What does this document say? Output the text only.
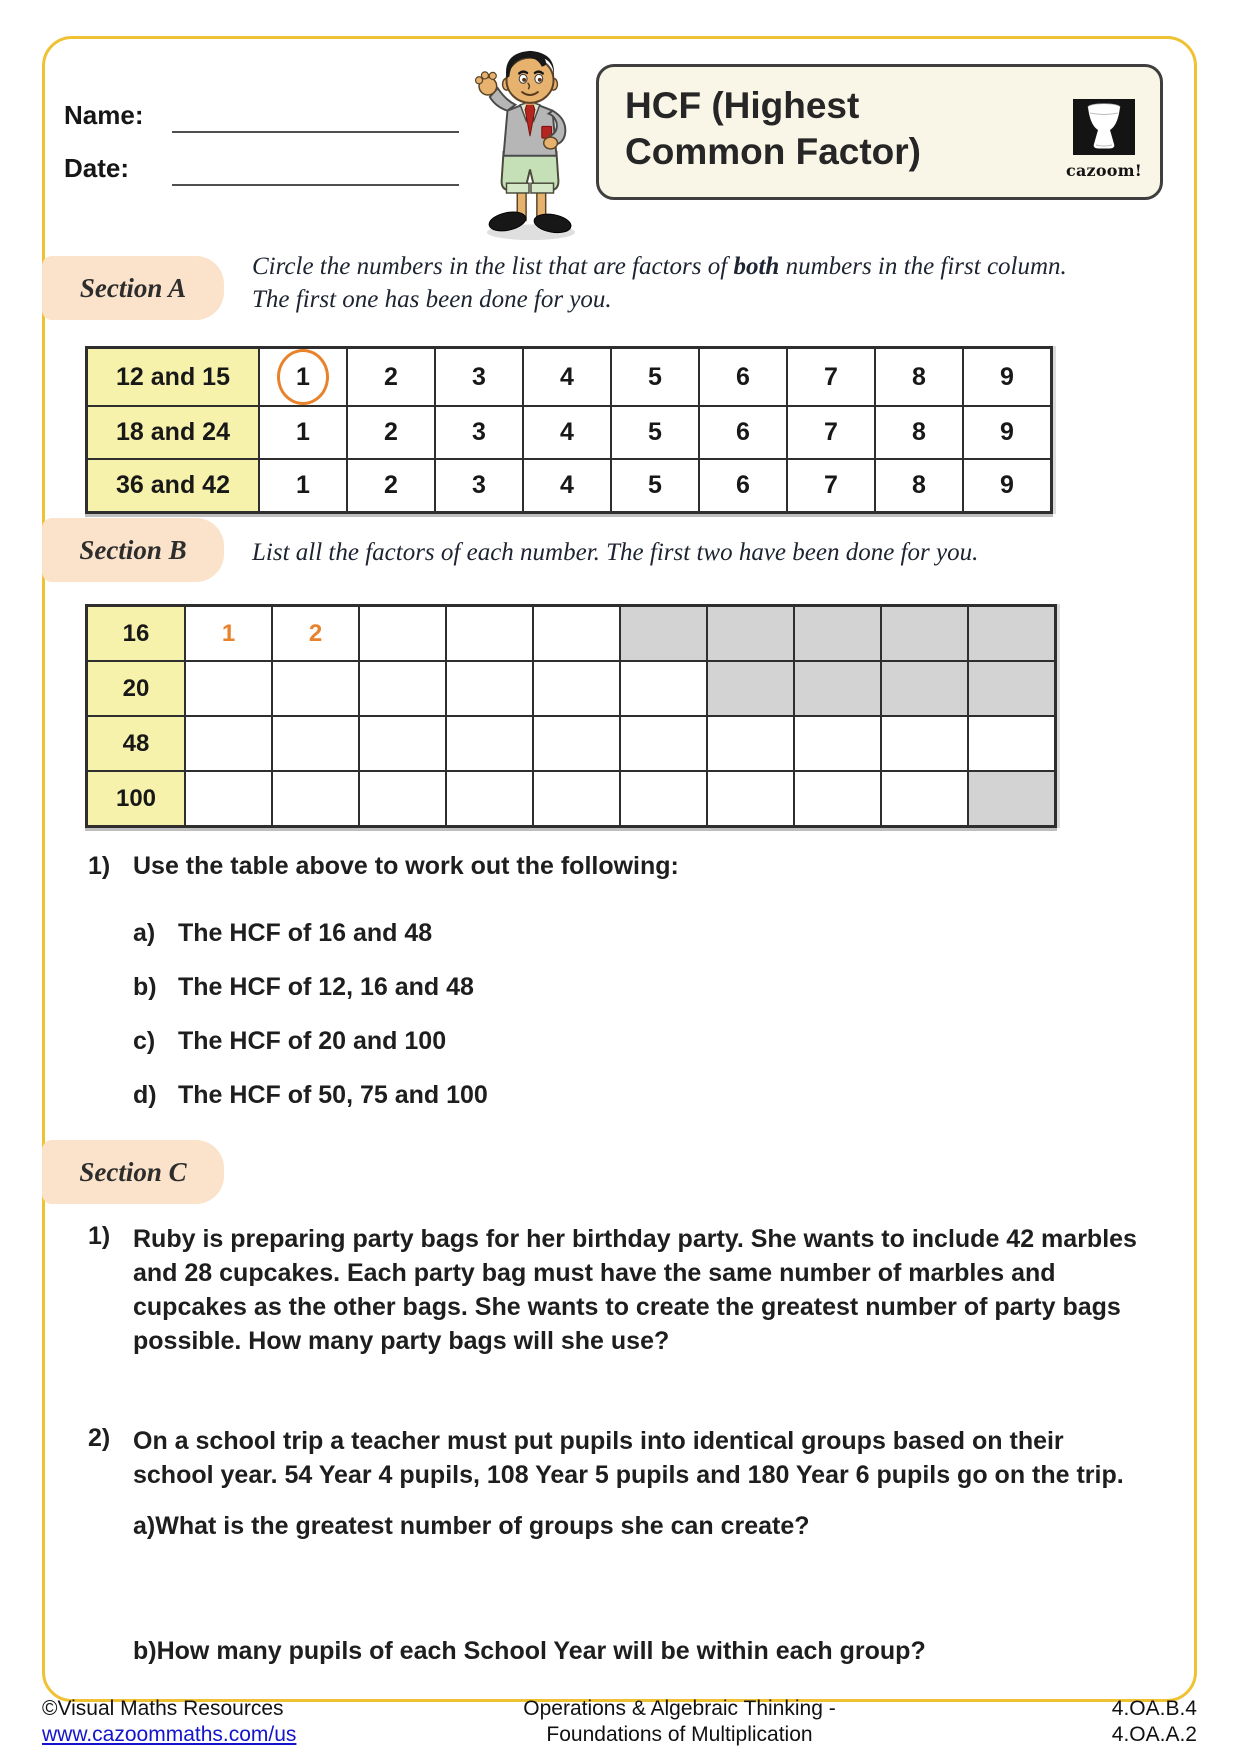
Name:
Date:
HCF (Highest
Common Factor)	cazoom!
Section A

Circle the numbers in the list that are factors of both numbers in the first column.

The first one has been done for you.

12 and 15	1	2	3	4	5	6	7	8	9
18 and 24	1	2	3	4	5	6	7	8	9
36 and 42	1	2	3	4	5	6	7	8	9
Section B	List all the factors of each number. The first two have been done for you.

16	1	2								
20										
48										
100										
1) Use the table above to work out the following:
a) The HCF of 16 and 48
b) The HCF of 12, 16 and 48
c) The HCF of 20 and 100
d) The HCF of 50, 75 and 100
Section C
1) Ruby is preparing party bags for her birthday party. She wants to include 42 marbles and 28 cupcakes. Each party bag must have the same number of marbles and cupcakes as the other bags. She wants to create the greatest number of party bags possible. How many party bags will she use?

2) On a school trip a teacher must put pupils into identical groups based on their school year. 54 Year 4 pupils, 108 Year 5 pupils and 180 Year 6 pupils go on the trip.

a) What is the greatest number of groups she can create?
b) How many pupils of each School Year will be within each group?
©Visual Maths Resources
www.cazoommaths.com/us
Operations & Algebraic Thinking -
Foundations of Multiplication
4.OA.B.4
4.OA.A.2
